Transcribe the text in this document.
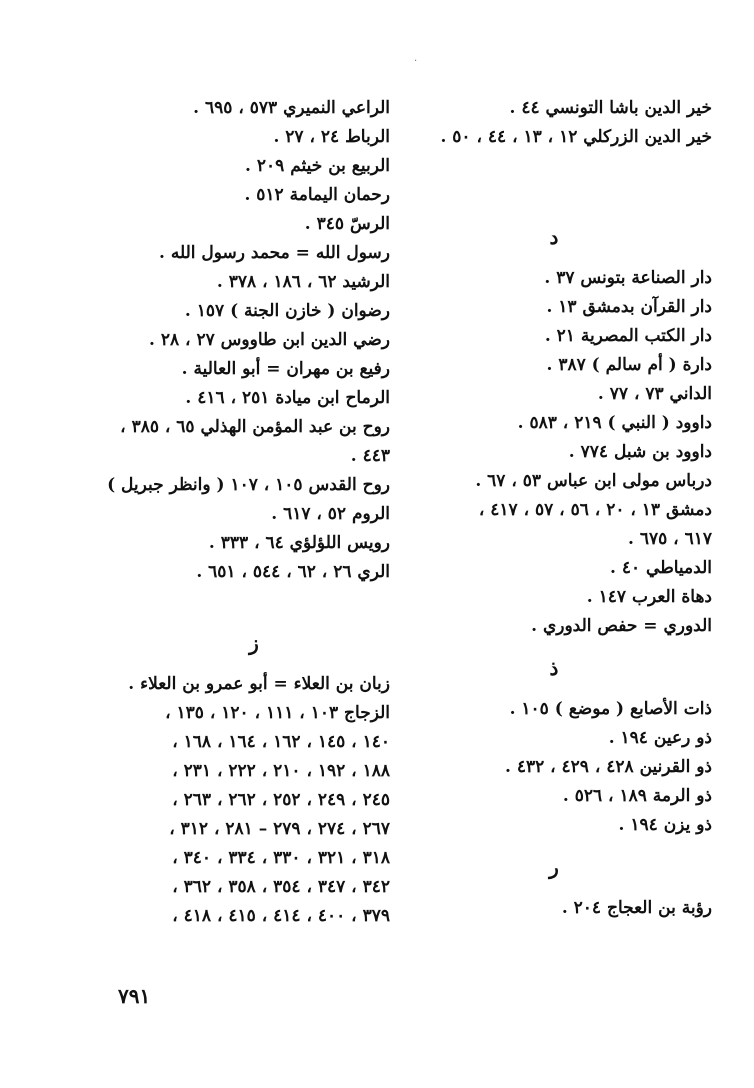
·
خير الدين باشا التونسي ٤٤ .
خير الدين الزركلي ١٢ ، ١٣ ، ٤٤ ، ٥٠ .
د
دار الصناعة بتونس ٣٧ .
دار القرآن بدمشق ١٣ .
دار الكتب المصرية ٢١ .
دارة ( أم سالم ) ٣٨٧ .
الداني ٧٣ ، ٧٧ .
داوود ( النبي ) ٢١٩ ، ٥٨٣ .
داوود بن شبل ٧٧٤ .
درباس مولى ابن عباس ٥٣ ، ٦٧ .
دمشق ١٣ ، ٢٠ ، ٥٦ ، ٥٧ ، ٤١٧ ،
٦١٧ ، ٦٧٥ .
الدمياطي ٤٠ .
دهاة العرب ١٤٧ .
الدوري = حفص الدوري .
ذ
ذات الأصابع ( موضع ) ١٠٥ .
ذو رعين ١٩٤ .
ذو القرنين ٤٢٨ ، ٤٢٩ ، ٤٣٢ .
ذو الرمة ١٨٩ ، ٥٢٦ .
ذو يزن ١٩٤ .
ر
رؤبة بن العجاج ٢٠٤ .
الراعي النميري ٥٧٣ ، ٦٩٥ .
الرباط ٢٤ ، ٢٧ .
الربيع بن خيثم ٢٠٩ .
رحمان اليمامة ٥١٢ .
الرسّ ٣٤٥ .
رسول الله = محمد رسول الله .
الرشيد ٦٢ ، ١٨٦ ، ٣٧٨ .
رضوان ( خازن الجنة ) ١٥٧ .
رضي الدين ابن طاووس ٢٧ ، ٢٨ .
رفيع بن مهران = أبو العالية .
الرماح ابن ميادة ٢٥١ ، ٤١٦ .
روح بن عبد المؤمن الهذلي ٦٥ ، ٣٨٥ ،
٤٤٣ .
روح القدس ١٠٥ ، ١٠٧ ( وانظر جبريل )
الروم ٥٢ ، ٦١٧ .
رويس اللؤلؤي ٦٤ ، ٣٣٣ .
الري ٢٦ ، ٦٢ ، ٥٤٤ ، ٦٥١ .
ز
زبان بن العلاء = أبو عمرو بن العلاء .
الزجاج ١٠٣ ، ١١١ ، ١٢٠ ، ١٣٥ ،
١٤٠ ، ١٤٥ ، ١٦٢ ، ١٦٤ ، ١٦٨ ،
١٨٨ ، ١٩٢ ، ٢١٠ ، ٢٢٢ ، ٢٣١ ،
٢٤٥ ، ٢٤٩ ، ٢٥٢ ، ٢٦٢ ، ٢٦٣ ،
٢٦٧ ، ٢٧٤ ، ٢٧٩ – ٢٨١ ، ٣١٢ ،
٣١٨ ، ٣٢١ ، ٣٣٠ ، ٣٣٤ ، ٣٤٠ ،
٣٤٢ ، ٣٤٧ ، ٣٥٤ ، ٣٥٨ ، ٣٦٢ ،
٣٧٩ ، ٤٠٠ ، ٤١٤ ، ٤١٥ ، ٤١٨ ،
٧٩١
